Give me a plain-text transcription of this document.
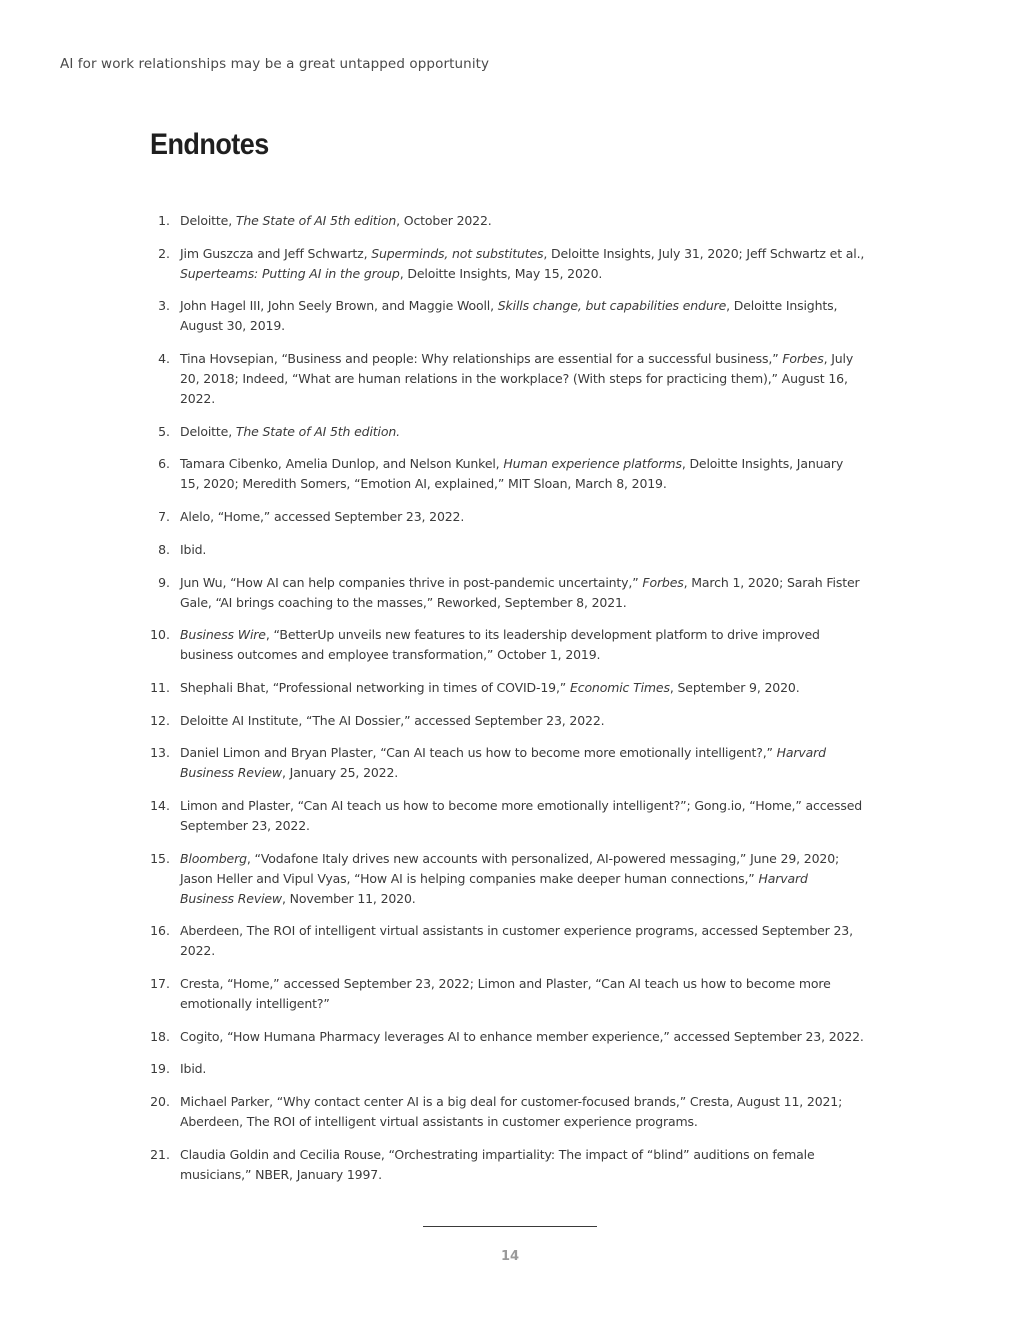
AI for work relationships may be a great untapped opportunity
Endnotes
1. Deloitte, The State of AI 5th edition, October 2022.
2. Jim Guszcza and Jeff Schwartz, Superminds, not substitutes, Deloitte Insights, July 31, 2020; Jeff Schwartz et al., Superteams: Putting AI in the group, Deloitte Insights, May 15, 2020.
3. John Hagel III, John Seely Brown, and Maggie Wooll, Skills change, but capabilities endure, Deloitte Insights, August 30, 2019.
4. Tina Hovsepian, “Business and people: Why relationships are essential for a successful business,” Forbes, July 20, 2018; Indeed, “What are human relations in the workplace? (With steps for practicing them),” August 16, 2022.
5. Deloitte, The State of AI 5th edition.
6. Tamara Cibenko, Amelia Dunlop, and Nelson Kunkel, Human experience platforms, Deloitte Insights, January 15, 2020; Meredith Somers, “Emotion AI, explained,” MIT Sloan, March 8, 2019.
7. Alelo, “Home,” accessed September 23, 2022.
8. Ibid.
9. Jun Wu, “How AI can help companies thrive in post-pandemic uncertainty,” Forbes, March 1, 2020; Sarah Fister Gale, “AI brings coaching to the masses,” Reworked, September 8, 2021.
10. Business Wire, “BetterUp unveils new features to its leadership development platform to drive improved business outcomes and employee transformation,” October 1, 2019.
11. Shephali Bhat, “Professional networking in times of COVID-19,” Economic Times, September 9, 2020.
12. Deloitte AI Institute, “The AI Dossier,” accessed September 23, 2022.
13. Daniel Limon and Bryan Plaster, “Can AI teach us how to become more emotionally intelligent?,” Harvard Business Review, January 25, 2022.
14. Limon and Plaster, “Can AI teach us how to become more emotionally intelligent?”; Gong.io, “Home,” accessed September 23, 2022.
15. Bloomberg, “Vodafone Italy drives new accounts with personalized, AI-powered messaging,” June 29, 2020; Jason Heller and Vipul Vyas, “How AI is helping companies make deeper human connections,” Harvard Business Review, November 11, 2020.
16. Aberdeen, The ROI of intelligent virtual assistants in customer experience programs, accessed September 23, 2022.
17. Cresta, “Home,” accessed September 23, 2022; Limon and Plaster, “Can AI teach us how to become more emotionally intelligent?”
18. Cogito, “How Humana Pharmacy leverages AI to enhance member experience,” accessed September 23, 2022.
19. Ibid.
20. Michael Parker, “Why contact center AI is a big deal for customer-focused brands,” Cresta, August 11, 2021; Aberdeen, The ROI of intelligent virtual assistants in customer experience programs.
21. Claudia Goldin and Cecilia Rouse, “Orchestrating impartiality: The impact of “blind” auditions on female musicians,” NBER, January 1997.
14
